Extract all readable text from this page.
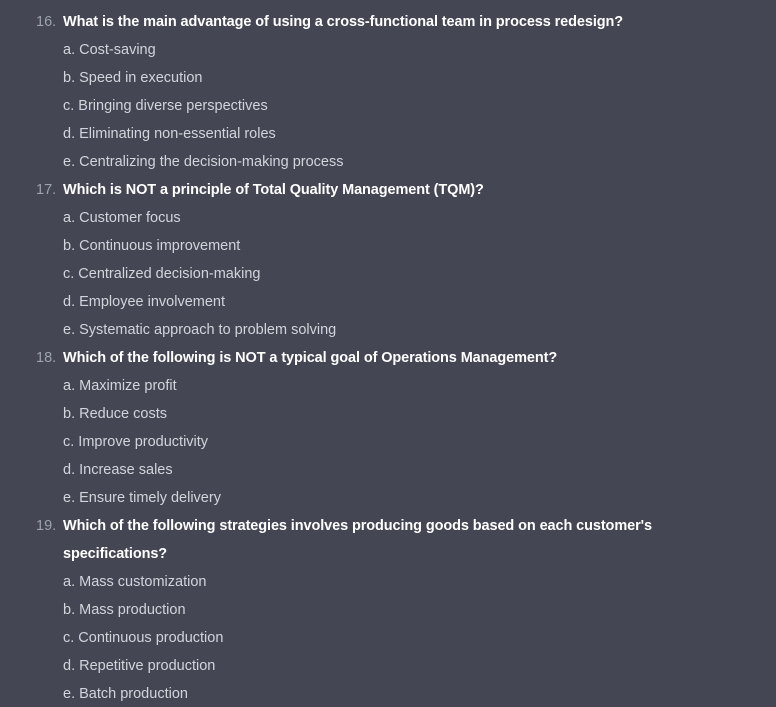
16. What is the main advantage of using a cross-functional team in process redesign?
a. Cost-saving
b. Speed in execution
c. Bringing diverse perspectives
d. Eliminating non-essential roles
e. Centralizing the decision-making process
17. Which is NOT a principle of Total Quality Management (TQM)?
a. Customer focus
b. Continuous improvement
c. Centralized decision-making
d. Employee involvement
e. Systematic approach to problem solving
18. Which of the following is NOT a typical goal of Operations Management?
a. Maximize profit
b. Reduce costs
c. Improve productivity
d. Increase sales
e. Ensure timely delivery
19. Which of the following strategies involves producing goods based on each customer's specifications?
a. Mass customization
b. Mass production
c. Continuous production
d. Repetitive production
e. Batch production
